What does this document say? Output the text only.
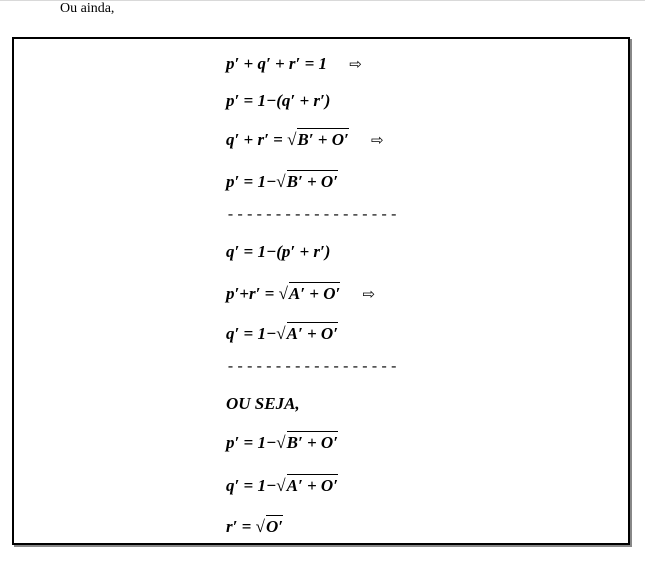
Ou ainda,
p′ + q′ + r′ = 1 ⇨
p′ = 1−(q′ + r′)
q′ + r′ = √B′ + O′ ⇨
p′ = 1−√B′ + O′
------------------
q′ = 1−(p′ + r′)
p′+r′ = √A′ + O′ ⇨
q′ = 1−√A′ + O′
------------------
OU SEJA,
p′ = 1−√B′ + O′
q′ = 1−√A′ + O′
r′ = √O′
